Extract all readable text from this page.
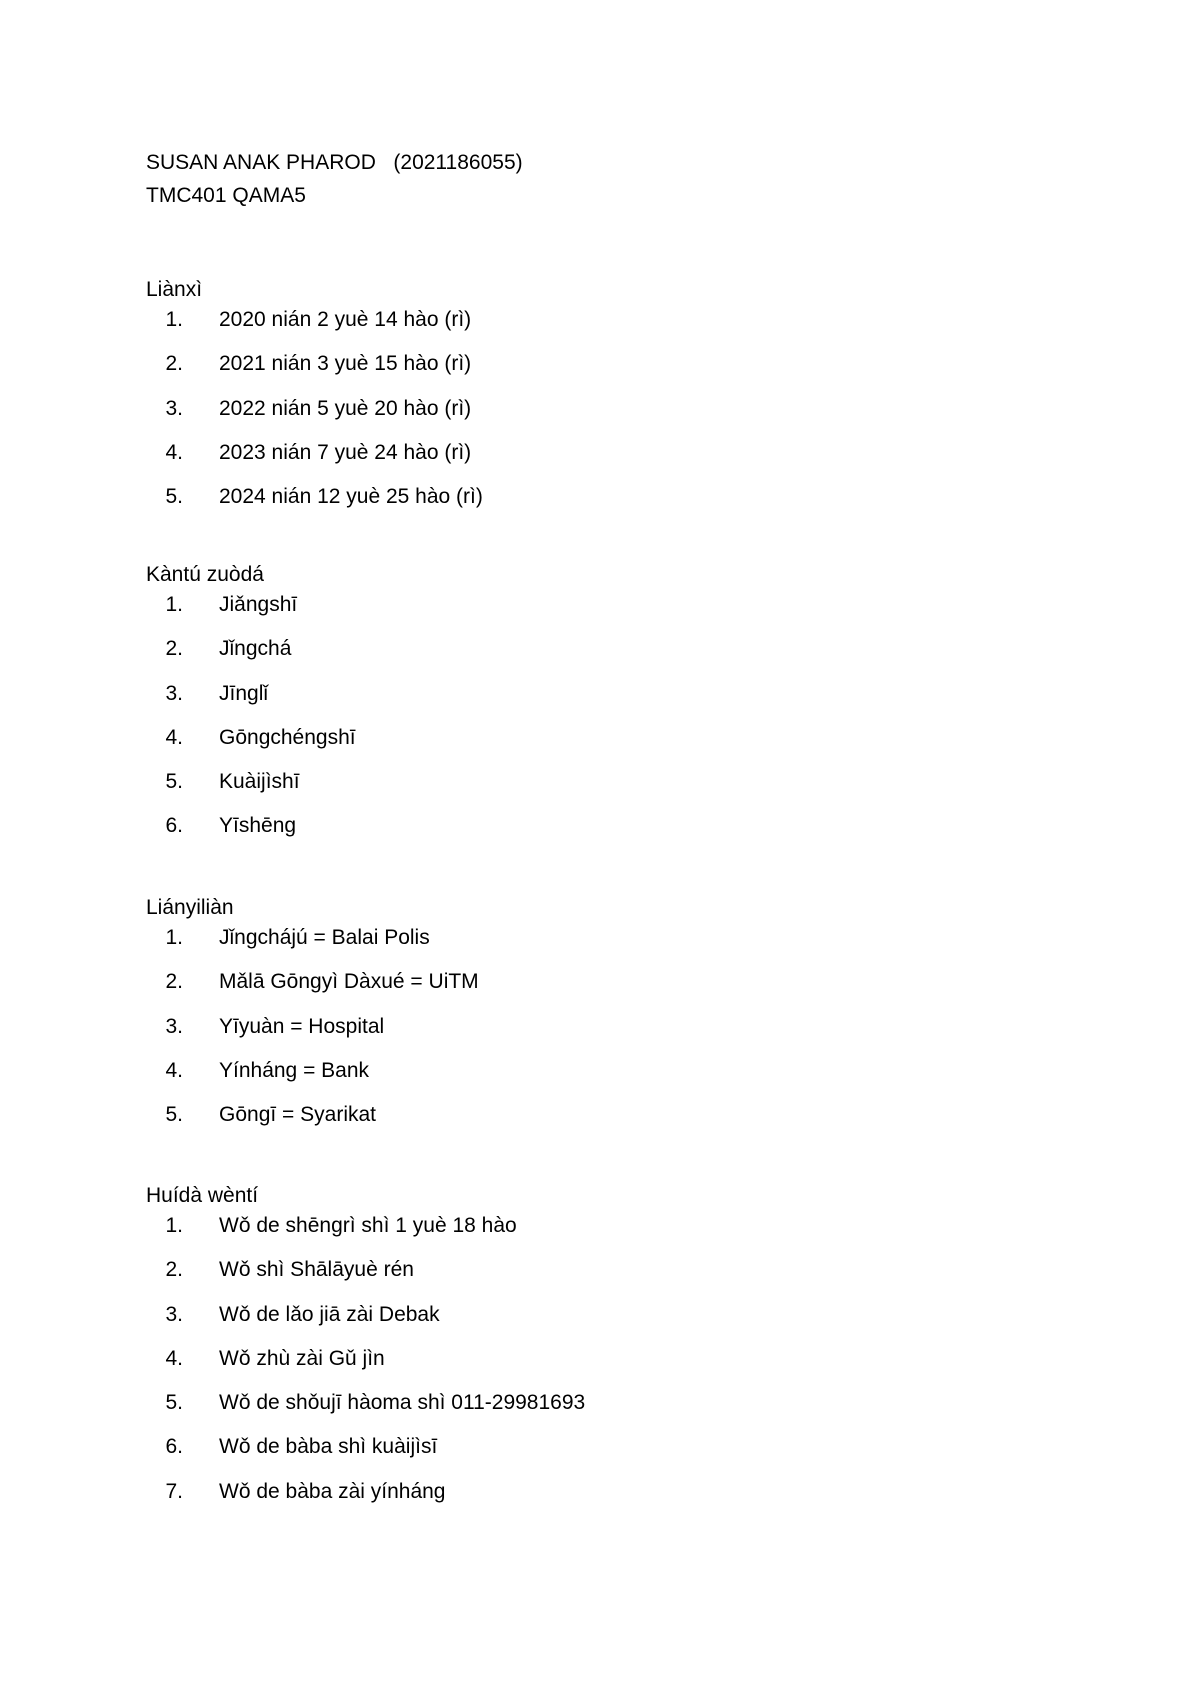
SUSAN ANAK PHAROD   (2021186055)
TMC401 QAMA5
Liànxì
1. 2020 nián 2 yuè 14 hào (rì)
2. 2021 nián 3 yuè 15 hào (rì)
3. 2022 nián 5 yuè 20 hào (rì)
4. 2023 nián 7 yuè 24 hào (rì)
5. 2024 nián 12 yuè 25 hào (rì)
Kàntú zuòdá
1. Jiǎngshī
2. Jǐngchá
3. Jīnglǐ
4. Gōngchéngshī
5. Kuàijìshī
6. Yīshēng
Liányiliàn
1. Jǐngchájú = Balai Polis
2. Mǎlā Gōngyì Dàxué = UiTM
3. Yīyuàn = Hospital
4. Yínháng = Bank
5. Gōngī = Syarikat
Huídà wèntí
1. Wǒ de shēngrì shì 1 yuè 18 hào
2. Wǒ shì Shālāyuè rén
3. Wǒ de lǎo jiā zài Debak
4. Wǒ zhù zài Gǔ jìn
5. Wǒ de shǒujī hàoma shì 011-29981693
6. Wǒ de bàba shì kuàijìsī
7. Wǒ de bàba zài yínháng
